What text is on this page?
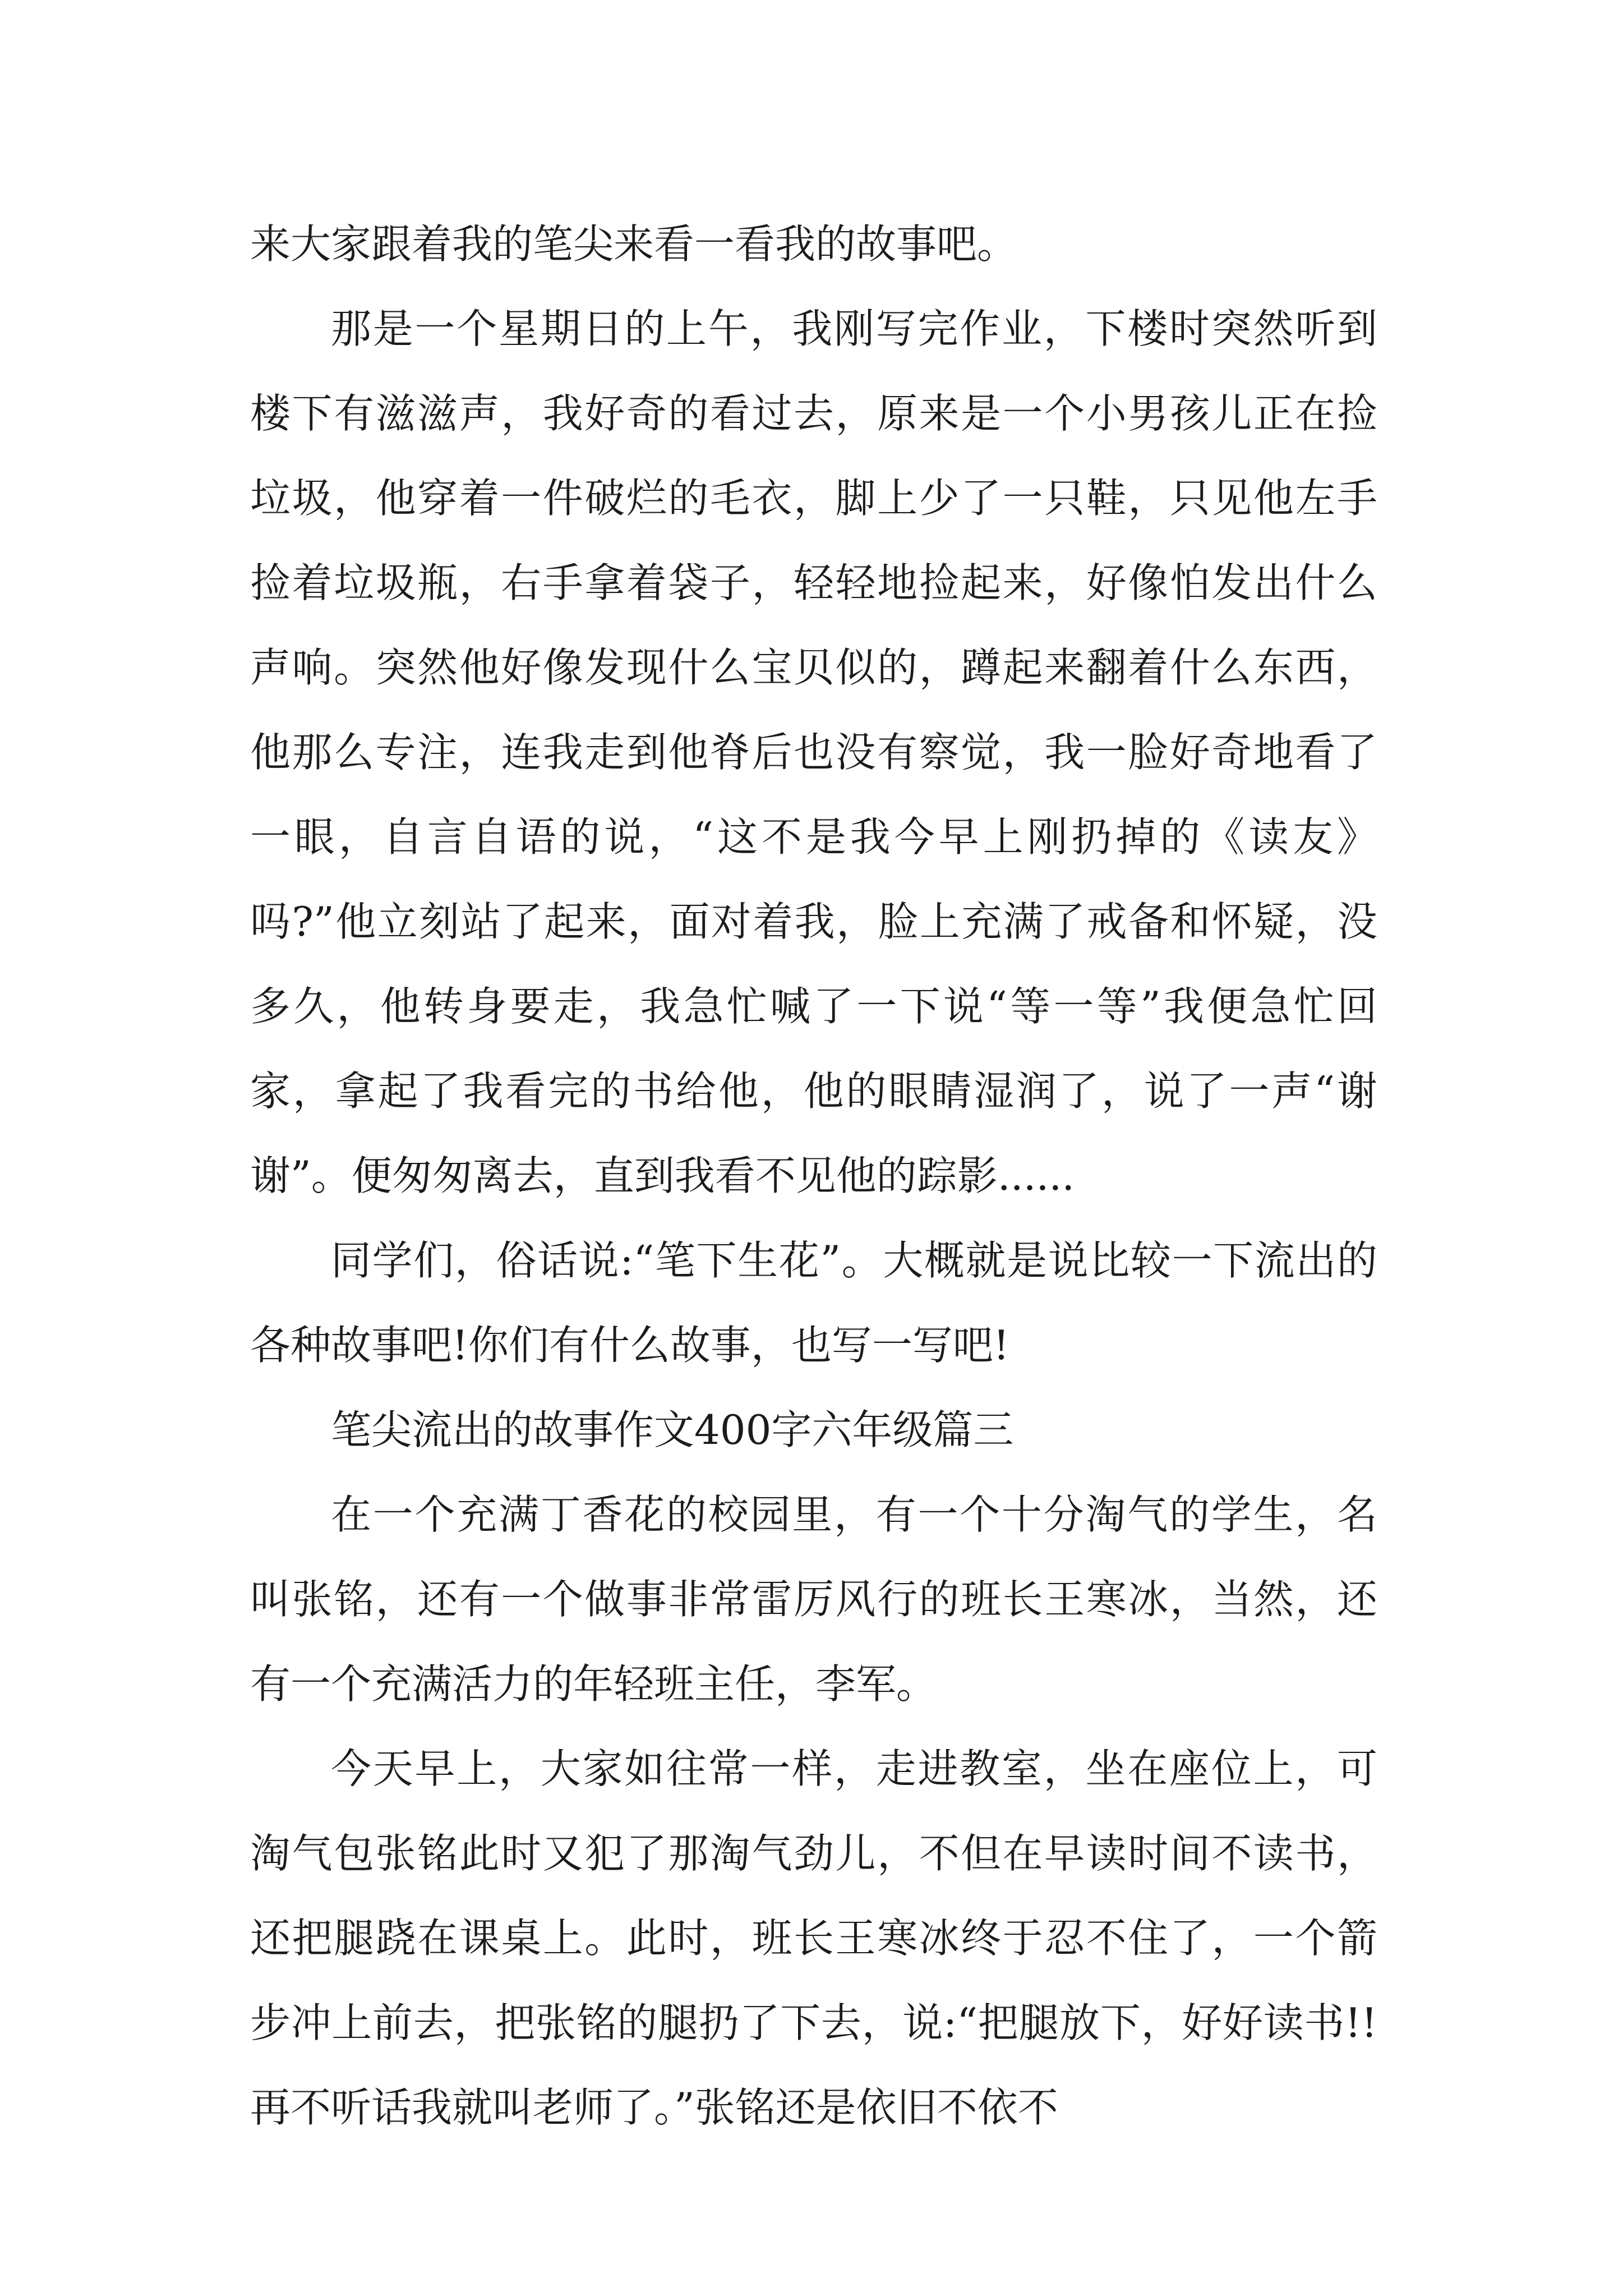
来大家跟着我的笔尖来看一看我的故事吧。

那是一个星期日的上午，我刚写完作业，下楼时突然听到楼下有滋滋声，我好奇的看过去，原来是一个小男孩儿正在捡垃圾，他穿着一件破烂的毛衣，脚上少了一只鞋，只见他左手捡着垃圾瓶，右手拿着袋子，轻轻地捡起来，好像怕发出什么声响。突然他好像发现什么宝贝似的，蹲起来翻着什么东西，他那么专注，连我走到他脊后也没有察觉，我一脸好奇地看了一眼，自言自语的说，“这不是我今早上刚扔掉的《读友》吗?”他立刻站了起来，面对着我，脸上充满了戒备和怀疑，没多久，他转身要走，我急忙喊了一下说“等一等”我便急忙回家，拿起了我看完的书给他，他的眼睛湿润了，说了一声“谢谢”。便匆匆离去，直到我看不见他的踪影......

同学们，俗话说:“笔下生花”。大概就是说比较一下流出的各种故事吧!你们有什么故事，也写一写吧!

笔尖流出的故事作文400字六年级篇三

在一个充满丁香花的校园里，有一个十分淘气的学生，名叫张铭，还有一个做事非常雷厉风行的班长王寒冰，当然，还有一个充满活力的年轻班主任，李军。

今天早上，大家如往常一样，走进教室，坐在座位上，可淘气包张铭此时又犯了那淘气劲儿，不但在早读时间不读书，还把腿跷在课桌上。此时，班长王寒冰终于忍不住了，一个箭步冲上前去，把张铭的腿扔了下去，说:“把腿放下，好好读书!!再不听话我就叫老师了。”张铭还是依旧不依不
